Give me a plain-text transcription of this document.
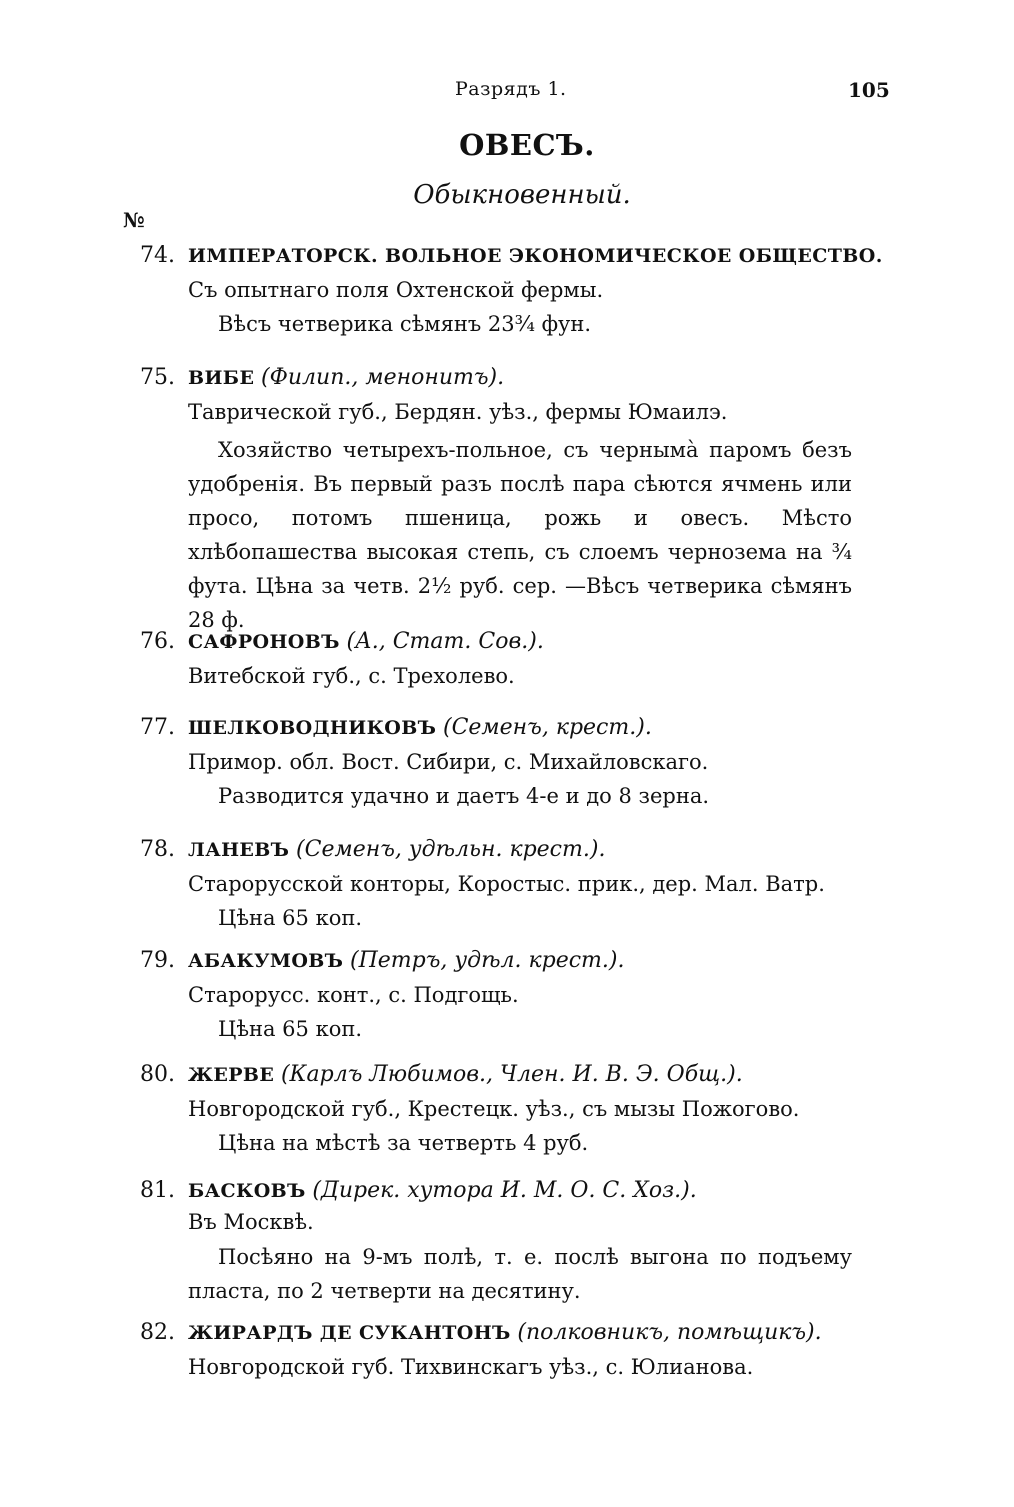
Разрядъ 1.	105
ОВЕСЪ.
Обыкновенный.
№
74. ИМПЕРАТОРСК. ВОЛЬНОЕ ЭКОНОМИЧЕСКОЕ ОБЩЕСТВО.
Съ опытнаго поля Охтенской фермы.
Вѣсъ четверика сѣмянъ 23¾ фун.
75. ВИБЕ (Филип., менонитъ).
Таврической губ., Бердян. уѣз., фермы Юмаилэ.
Хозяйство четырехъ-польное, съ черныма̀ паромъ безъ удобренія. Въ первый разъ послѣ пара сѣются ячмень или просо, потомъ пшеница, рожь и овесъ. Мѣсто хлѣбопашества высокая степь, съ слоемъ чернозема на ¾ фута. Цѣна за четв. 2½ руб. сер. —Вѣсъ четверика сѣмянъ 28 ф.
76. САФРОНОВЪ (А., Стат. Сов.).
Витебской губ., с. Трехолево.
77. ШЕЛКОВОДНИКОВЪ (Семенъ, крест.).
Примор. обл. Вост. Сибири, с. Михайловскаго.
Разводится удачно и даетъ 4-е и до 8 зерна.
78. ЛАНЕВЪ (Семенъ, удѣльн. крест.).
Старорусской конторы, Коростыс. прик., дер. Мал. Ватр.
Цѣна 65 коп.
79. АБАКУМОВЪ (Петръ, удѣл. крест.).
Старорусс. конт., с. Подгощь.
Цѣна 65 коп.
80. ЖЕРВЕ (Карлъ Любимов., Член. И. В. Э. Общ.).
Новгородской губ., Крестецк. уѣз., съ мызы Пожогово.
Цѣна на мѣстѣ за четверть 4 руб.
81. БАСКОВЪ (Дирек. хутора И. М. О. С. Хоз.).
Въ Москвѣ.
Посѣяно на 9-мъ полѣ, т. е. послѣ выгона по подъему пласта, по 2 четверти на десятину.
82. ЖИРАРДЪ ДЕ СУКАНТОНЪ (полковникъ, помѣщикъ).
Новгородской губ. Тихвинскагъ уѣз., с. Юлианова.
